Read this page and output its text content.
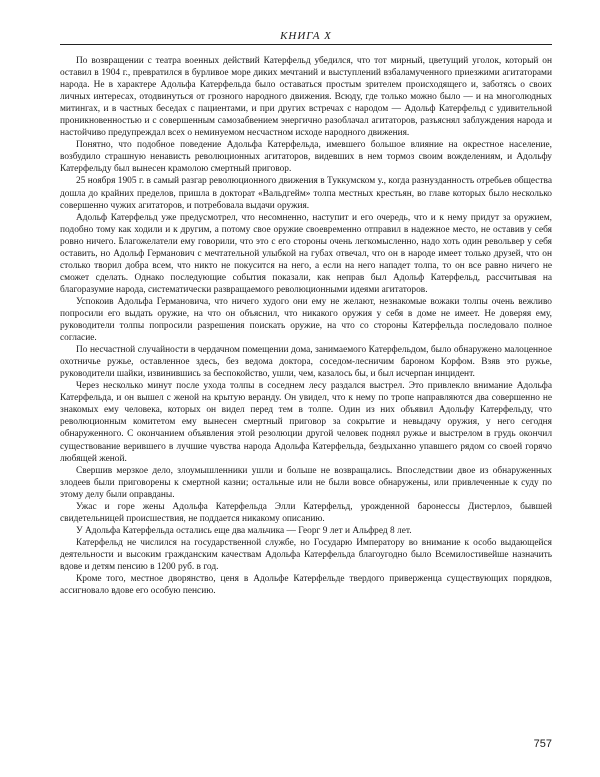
КНИГА X

По возвращении с театра военных действий Катерфельд убедился, что тот мирный, цветущий уголок, который он оставил в 1904 г., превратился в бурливое море диких мечтаний и выступлений взбаламученного приезжими агитаторами народа. Не в характере Адольфа Катерфельда было оставаться простым зрителем происходящего и, заботясь о своих личных интересах, отодвинуться от грозного народного движения. Всюду, где только можно было — и на многолюдных митингах, и в частных беседах с пациентами, и при других встречах с народом — Адольф Катерфельд с удивительной проникновенностью и с совершенным самозабвением энергично разоблачал агитаторов, разъяснял заблуждения народа и настойчиво предупреждал всех о неминуемом несчастном исходе народного движения.

Понятно, что подобное поведение Адольфа Катерфельда, имевшего большое влияние на окрестное население, возбудило страшную ненависть революционных агитаторов, видевших в нем тормоз своим вожделениям, и Адольфу Катерфельду был вынесен крамолою смертный приговор.

25 ноября 1905 г. в самый разгар революционного движения в Туккумском у., когда разнузданность отребьев общества дошла до крайних пределов, пришла в докторат «Вальдгейм» толпа местных крестьян, во главе которых было несколько совершенно чужих агитаторов, и потребовала выдачи оружия.

Адольф Катерфельд уже предусмотрел, что несомненно, наступит и его очередь, что и к нему придут за оружием, подобно тому как ходили и к другим, а потому свое оружие своевременно отправил в надежное место, не оставив у себя ровно ничего. Благожелатели ему говорили, что это с его стороны очень легкомысленно, надо хоть один револьвер у себя оставить, но Адольф Германович с мечтательной улыбкой на губах отвечал, что он в народе имеет только друзей, что он столько творил добра всем, что никто не покусится на него, а если на него нападет толпа, то он все равно ничего не сможет сделать. Однако последующие события показали, как неправ был Адольф Катерфельд, рассчитывая на благоразумие народа, систематически развращаемого революционными идеями агитаторов.

Успокоив Адольфа Германовича, что ничего худого они ему не желают, незнакомые вожаки толпы очень вежливо попросили его выдать оружие, на что он объяснил, что никакого оружия у себя в доме не имеет. Не доверяя ему, руководители толпы попросили разрешения поискать оружие, на что со стороны Катерфельда последовало полное согласие.

По несчастной случайности в чердачном помещении дома, занимаемого Катерфельдом, было обнаружено малоценное охотничье ружье, оставленное здесь, без ведома доктора, соседом-лесничим бароном Корфом. Взяв это ружье, руководители шайки, извинившись за беспокойство, ушли, чем, казалось бы, и был исчерпан инцидент.

Через несколько минут после ухода толпы в соседнем лесу раздался выстрел. Это привлекло внимание Адольфа Катерфельда, и он вышел с женой на крытую веранду. Он увидел, что к нему по тропе направляются два совершенно не знакомых ему человека, которых он видел перед тем в толпе. Один из них объявил Адольфу Катерфельду, что революционным комитетом ему вынесен смертный приговор за сокрытие и невыдачу оружия, у него сегодня обнаруженного. С окончанием объявления этой резолюции другой человек поднял ружье и выстрелом в грудь окончил существование верившего в лучшие чувства народа Адольфа Катерфельда, бездыханно упавшего рядом со своей горячо любящей женой.

Свершив мерзкое дело, злоумышленники ушли и больше не возвращались. Впоследствии двое из обнаруженных злодеев были приговорены к смертной казни; остальные или не были вовсе обнаружены, или привлеченные к суду по этому делу были оправданы.

Ужас и горе жены Адольфа Катерфельда Элли Катерфельд, урожденной баронессы Дистерлоэ, бывшей свидетельницей происшествия, не поддается никакому описанию.

У Адольфа Катерфельда остались еще два мальчика — Георг 9 лет и Альфред 8 лет.

Катерфельд не числился на государственной службе, но Государю Императору во внимание к особо выдающейся деятельности и высоким гражданским качествам Адольфа Катерфельда благоугодно было Всемилостивейше назначить вдове и детям пенсию в 1200 руб. в год.

Кроме того, местное дворянство, ценя в Адольфе Катерфельде твердого приверженца существующих порядков, ассигновало вдове его особую пенсию.

757
